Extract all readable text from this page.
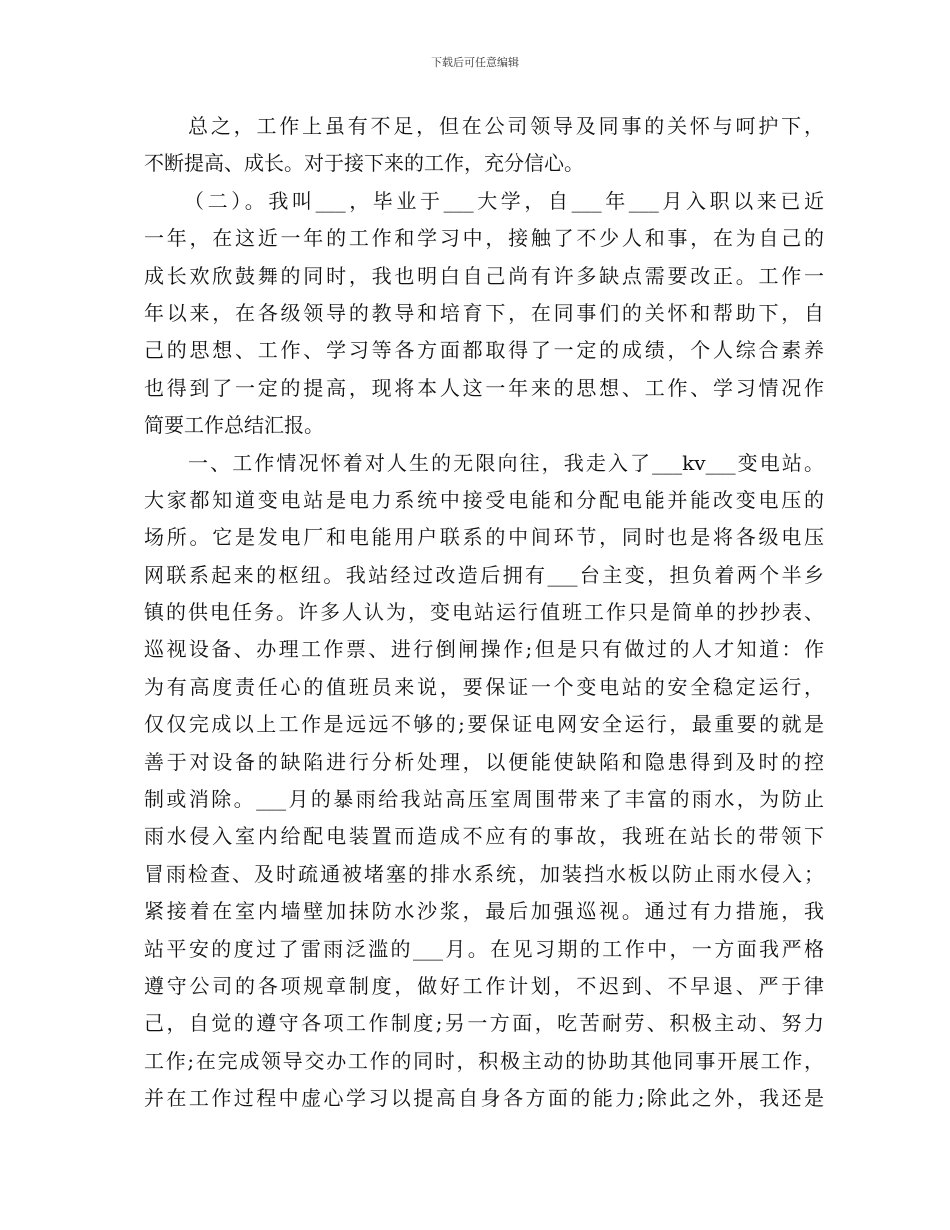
下载后可任意编辑
总之，工作上虽有不足，但在公司领导及同事的关怀与呵护下，
不断提高、成长。对于接下来的工作，充分信心。
（二）。我叫___，毕业于___大学，自___年___月入职以来已近
一年，在这近一年的工作和学习中，接触了不少人和事，在为自己的
成长欢欣鼓舞的同时，我也明白自己尚有许多缺点需要改正。工作一
年以来，在各级领导的教导和培育下，在同事们的关怀和帮助下，自
己的思想、工作、学习等各方面都取得了一定的成绩，个人综合素养
也得到了一定的提高，现将本人这一年来的思想、工作、学习情况作
简要工作总结汇报。
一、工作情况怀着对人生的无限向往，我走入了___kv___变电站。
大家都知道变电站是电力系统中接受电能和分配电能并能改变电压的
场所。它是发电厂和电能用户联系的中间环节，同时也是将各级电压
网联系起来的枢纽。我站经过改造后拥有___台主变，担负着两个半乡
镇的供电任务。许多人认为，变电站运行值班工作只是简单的抄抄表、
巡视设备、办理工作票、进行倒闸操作;但是只有做过的人才知道：作
为有高度责任心的值班员来说，要保证一个变电站的安全稳定运行，
仅仅完成以上工作是远远不够的;要保证电网安全运行，最重要的就是
善于对设备的缺陷进行分析处理，以便能使缺陷和隐患得到及时的控
制或消除。___月的暴雨给我站高压室周围带来了丰富的雨水，为防止
雨水侵入室内给配电装置而造成不应有的事故，我班在站长的带领下
冒雨检查、及时疏通被堵塞的排水系统，加装挡水板以防止雨水侵入；
紧接着在室内墙壁加抹防水沙浆，最后加强巡视。通过有力措施，我
站平安的度过了雷雨泛滥的___月。在见习期的工作中，一方面我严格
遵守公司的各项规章制度，做好工作计划，不迟到、不早退、严于律
己，自觉的遵守各项工作制度;另一方面，吃苦耐劳、积极主动、努力
工作;在完成领导交办工作的同时，积极主动的协助其他同事开展工作，
并在工作过程中虚心学习以提高自身各方面的能力;除此之外，我还是
